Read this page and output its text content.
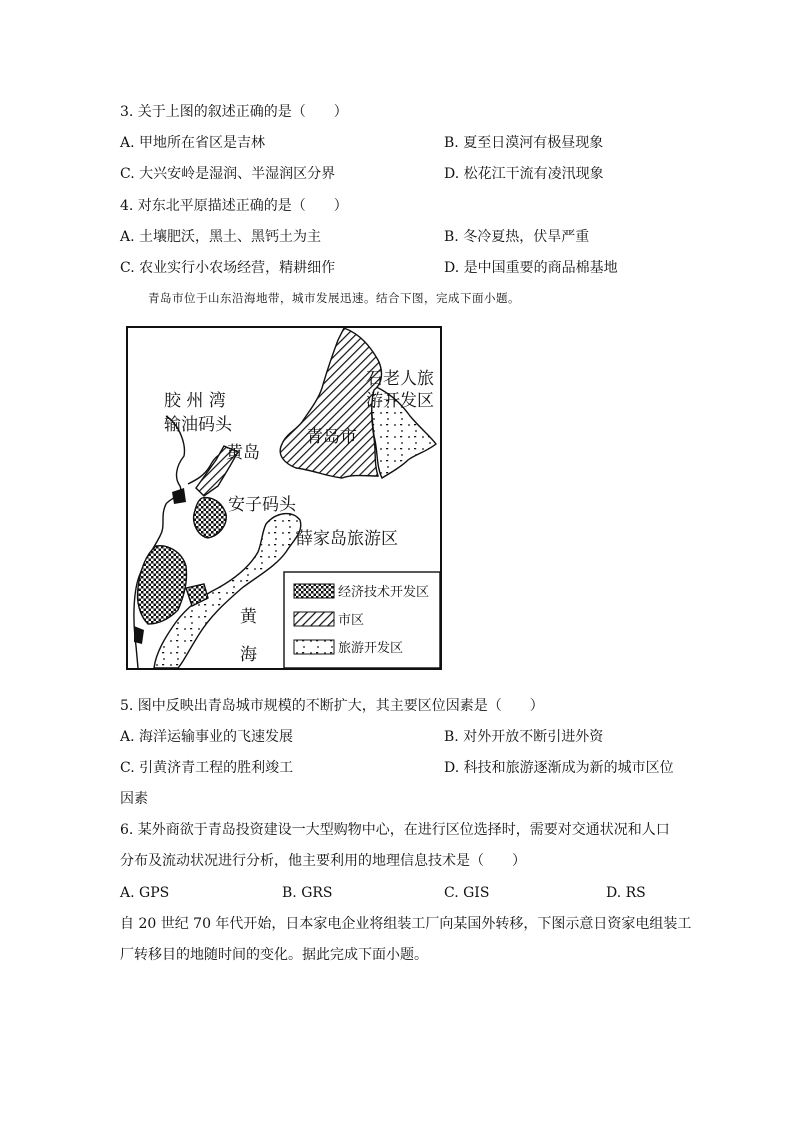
3. 关于上图的叙述正确的是（　　）
A. 甲地所在省区是吉林	B. 夏至日漠河有极昼现象
C. 大兴安岭是湿润、半湿润区分界	D. 松花江干流有凌汛现象
4. 对东北平原描述正确的是（　　）
A. 土壤肥沃，黑土、黑钙土为主	B. 冬冷夏热，伏旱严重
C. 农业实行小农场经营，精耕细作	D. 是中国重要的商品棉基地
青岛市位于山东沿海地带，城市发展迅速。结合下图，完成下面小题。
胶 州 湾
输油码头
黄岛
安子码头
青岛市
石老人旅
游开发区
薛家岛旅游区
黄
海
经济技术开发区
市区
旅游开发区
5. 图中反映出青岛城市规模的不断扩大，其主要区位因素是（　　）
A. 海洋运输事业的飞速发展	B. 对外开放不断引进外资
C. 引黄济青工程的胜利竣工	D. 科技和旅游逐渐成为新的城市区位
因素
6. 某外商欲于青岛投资建设一大型购物中心，在进行区位选择时，需要对交通状况和人口
分布及流动状况进行分析，他主要利用的地理信息技术是（　　）
A. GPS	B. GRS	C. GIS	D. RS
自 20 世纪 70 年代开始，日本家电企业将组装工厂向某国外转移，下图示意日资家电组装工
厂转移目的地随时间的变化。据此完成下面小题。
